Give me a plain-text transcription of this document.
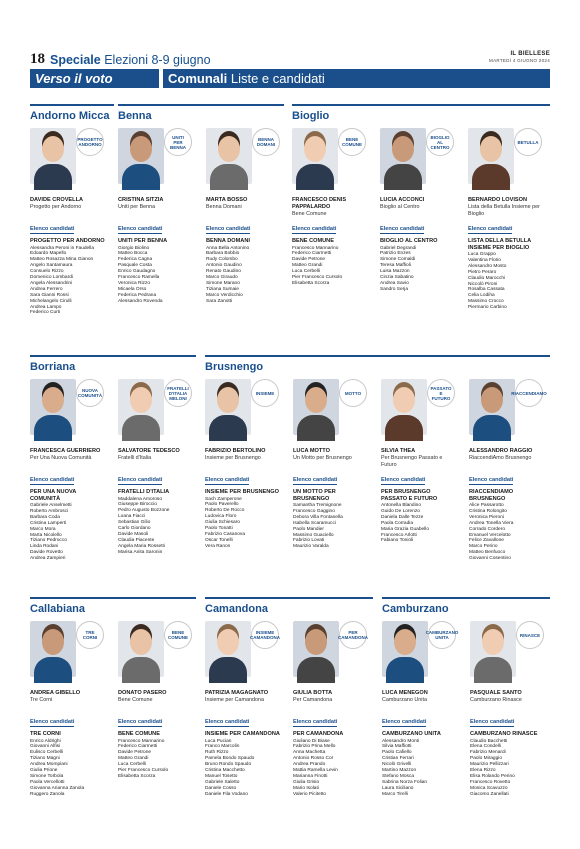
18 Speciale Elezioni 8-9 giugno	IL BIELLESE
MARTEDÌ 4 GIUGNO 2024
Verso il voto	Comunali Liste e candidati
Andorno Micca
PROGETTO ANDORNO
DAVIDE CROVELLA
Progetto per Andorno
Elenco candidati
PROGETTO PER ANDORNO
Alessandra Peroni in Faudella
Edoardo Mapello
Matteo Rosazza Mina Gianon
Angelo Santamaura
Consuelo Rizzo
Domenico Lombardi
Angela Alessandrini
Andrea Ferrero
Sara Gianni Rossi
Michelangelo Cirulli
Andrea Lampo
Federico Curti
Benna
UNITI PER BENNA
CRISTINA SITZIA
Uniti per Benna
BENNA DOMANI
MARTA BOSSO
Benna Domani
Elenco candidati
UNITI PER BENNA
Giorgio Biolino
Matteo Bocca
Federica Cagna
Pasquale Costa
Enrico Gaudagno
Francesco Ramella
Veronica Rizzo
Micaela Orso
Federica Pedrana
Alessandro Rovenda
Elenco candidati
BENNA DOMANI
Anna Bella Antonino
Barbara Bobbio
Rudy Colombo
Antonio Gaudino
Renato Gaudino
Marco Giraudo
Simone Marano
Tiziana Sumaie
Marco Verdicchio
Sara Zanotti
Bioglio
BENE COMUNE
FRANCESCO DENIS PAPPALARDO
Bene Comune
BIOGLIO AL CENTRO
LUCIA ACCONCI
Bioglio al Centro
BETULLA
BERNARDO LOVISON
Lista della Betulla Insieme per Bioglio
Elenco candidati
BENE COMUNE
Francesco Mannarino
Federico Ciarmetti
Davide Petrone
Matteo Grandi
Luca Cerbelli
Pier Francesco Cursolo
Elisabetta Scorza
Elenco candidati
BIOGLIO AL CENTRO
Gabriel Degrandi
Patrizio Enzes
Simone Comaldi
Teresa Maffioli
Luisa Mazzon
Cinzia Sabatino
Andrea Savio
Sandro Serja
Elenco candidati
LISTA DELLA BETULLA INSIEME PER BIOGLIO
Luca Grappo
Valentina Florio
Alessandro Mosto
Pietro Peraro
Claudio Marocchi
Niccolò Pironi
Rosalba Cassata
Celia Lodiha
Massimo Crocco
Piermario Carbino
Borriana
NUOVA COMUNITÀ
FRANCESCA GUERRIERO
Per Una Nuova Comunità
FRATELLI D'ITALIA MELONI
SALVATORE TEDESCO
Fratelli d'Italia
Elenco candidati
PER UNA NUOVA COMUNITÀ
Gabriele Anselmetti
Roberto Ambrosci
Barbara Coda
Cristina Lamperti
Marco Mora
Marta Nicolello
Tiziano Pedrocco
Linda Rodani
Davide Rovetto
Andrea Zampieri
Elenco candidati
FRATELLI D'ITALIA
Maddalena Amoroso
Giuseppe Biroccio
Pedro Augusto Bozzone
Loana Fiacci
Sebastian Gilio
Carlo Giordano
Davide Masoli
Claudia Piacente
Angela Maria Rossetti
Marisa Anita Saronin
Brusnengo
INSIEME
FABRIZIO BERTOLINO
Insieme per Brusnengo
MOTTO
LUCA MOTTO
Un Motto per Brusnengo
PASSATO E FUTURO
SILVIA THEA
Per Brusnengo Passato e Futuro
RIACCENDIAMO
ALESSANDRO RAGGIO
RiaccendiAmo Brusnengo
Elenco candidati
INSIEME PER BRUSNENGO
Sach Zamperone
Paolo Paverello
Roberto De Rocco
Ludovica Floro
Giulia Schiesaro
Paolo Tonatti
Fabrizio Casanova
Oscar Tonelli
Vera Ranon
Elenco candidati
UN MOTTO PER BRUSNENGO
Samantha Tremignone
Francesco Gaggino
Debora Villa Fontanella
Isabella Scaramucci
Paolo Mandier
Massimo Guaciello
Fabrizio Lovati
Maurizio Varalda
Elenco candidati
PER BRUSNENGO PASSATO E FUTURO
Antonella Blandino
Guido De Lorenzo
Daniela Dalle Tezze
Paola Corradia
Maria Grazia Guabello
Francesco Arlotti
Fabiano Tonioli
Elenco candidati
RIACCENDIAMO BRUSNENGO
Alice Passarotto
Cristina Rolongito
Veronica Pieroni
Andrea Tonella Viera
Corrado Cordero
Emanuel Vercelotto
Felice Zavallone
Marco Perino
Matteo Benfuoco
Giovanni Cosentino
Callabiana
TRE CORNI
ANDREA GIBELLO
Tre Corni
BENE COMUNE
DONATO PASERO
Bene Comune
Elenco candidati
TRE CORNI
Enrico Aldrighi
Giovanni Alfisi
Eulisco Cerbelli
Tiziano Magni
Andrea Mompiani
Giulia Prione
Simone Torbola
Paola Vercellotti
Giovanna Arianna Zanola
Ruggero Zanola
Elenco candidati
BENE COMUNE
Francesco Mannarino
Federico Ciarmetti
Davide Petrone
Matteo Grandi
Luca Cerbelli
Pier Francesco Cursolo
Elisabetta Scorza
Camandona
INSIEME CAMANDONA
PATRIZIA MAGAGNATO
Insieme per Camandona
PER CAMANDONA
GIULIA BOTTA
Per Camandona
Elenco candidati
INSIEME PER CAMANDONA
Luca Pucian
Franco Marcolin
Ruth Rizzo
Pamela Bondo Spaudo
Bruno Rondo Spaudo
Cristina Macchetto
Manuel Tosetto
Gabriele Saletto
Daniele Cosso
Daniele Fila Vodano
Elenco candidati
PER CAMANDONA
Giuliano Di Biase
Fabrizio Prina Mello
Anna Machetta
Antonio Rosso Cor
Andrea Prando
Mattia Ramella Levin
Marianna Finotti
Giulia Grisio
Mario Isolati
Valerio Picitetto
Camburzano
CAMBURZANO UNITA
LUCA MENEGON
Camburzano Unita
RINASCE
PASQUALE SANTO
Camburzano Rinasce
Elenco candidati
CAMBURZANO UNITA
Alessandro Monti
Silvia Maffiotti
Paolo Cafiello
Cristian Ferrari
Nicolò Grivelli
Martino Mazzon
Stefano Mosca
Sabrina Norza Folian
Laura Siciliano
Marco Tirelli
Elenco candidati
CAMBURZANO RINASCE
Claudio Bacchetti
Elena Condelli
Fabrizio Menardi
Paolo Miraggio
Maurizio Pellizzari
Elena Rizzo
Elisa Rolando Perino
Francesco Rovetto
Monica Scavuzzo
Giacomo Zanellati
